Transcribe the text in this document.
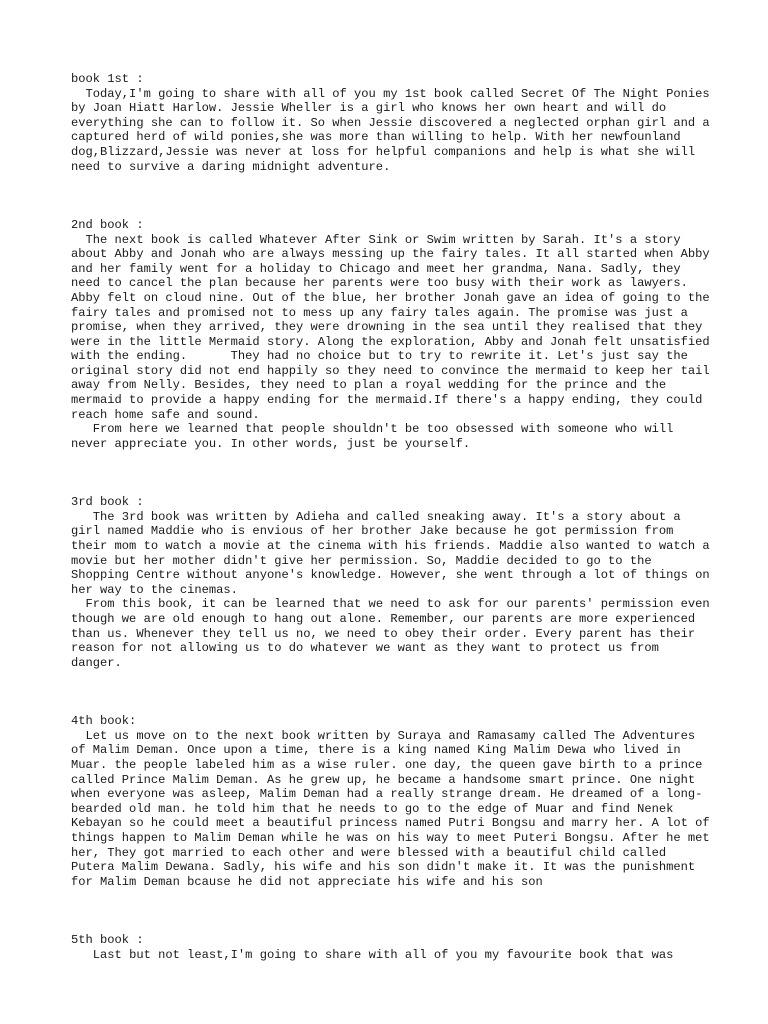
book 1st :
Today,I'm going to share with all of you my 1st book called Secret Of The Night Ponies by Joan Hiatt Harlow. Jessie Wheller is a girl who knows her own heart and will do everything she can to follow it. So when Jessie discovered a neglected orphan girl and a captured herd of wild ponies,she was more than willing to help. With her newfounland dog,Blizzard,Jessie was never at loss for helpful companions and help is what she will need to survive a daring midnight adventure.
2nd book :
The next book is called Whatever After Sink or Swim written by Sarah. It's a story about Abby and Jonah who are always messing up the fairy tales. It all started when Abby and her family went for a holiday to Chicago and meet her grandma, Nana. Sadly, they need to cancel the plan because her parents were too busy with their work as lawyers. Abby felt on cloud nine. Out of the blue, her brother Jonah gave an idea of going to the fairy tales and promised not to mess up any fairy tales again. The promise was just a promise, when they arrived, they were drowning in the sea until they realised that they were in the little Mermaid story. Along the exploration, Abby and Jonah felt unsatisfied with the ending.      They had no choice but to try to rewrite it. Let's just say the original story did not end happily so they need to convince the mermaid to keep her tail away from Nelly. Besides, they need to plan a royal wedding for the prince and the mermaid to provide a happy ending for the mermaid.If there's a happy ending, they could reach home safe and sound.
From here we learned that people shouldn't be too obsessed with someone who will never appreciate you. In other words, just be yourself.
3rd book :
The 3rd book was written by Adieha and called sneaking away. It's a story about a girl named Maddie who is envious of her brother Jake because he got permission from their mom to watch a movie at the cinema with his friends. Maddie also wanted to watch a movie but her mother didn't give her permission. So, Maddie decided to go to the Shopping Centre without anyone's knowledge. However, she went through a lot of things on her way to the cinemas.
From this book, it can be learned that we need to ask for our parents' permission even though we are old enough to hang out alone. Remember, our parents are more experienced than us. Whenever they tell us no, we need to obey their order. Every parent has their reason for not allowing us to do whatever we want as they want to protect us from danger.
4th book:
Let us move on to the next book written by Suraya and Ramasamy called The Adventures of Malim Deman. Once upon a time, there is a king named King Malim Dewa who lived in Muar. the people labeled him as a wise ruler. one day, the queen gave birth to a prince called Prince Malim Deman. As he grew up, he became a handsome smart prince. One night when everyone was asleep, Malim Deman had a really strange dream. He dreamed of a long-bearded old man. he told him that he needs to go to the edge of Muar and find Nenek Kebayan so he could meet a beautiful princess named Putri Bongsu and marry her. A lot of things happen to Malim Deman while he was on his way to meet Puteri Bongsu. After he met her, They got married to each other and were blessed with a beautiful child called Putera Malim Dewana. Sadly, his wife and his son didn't make it. It was the punishment for Malim Deman bcause he did not appreciate his wife and his son
5th book :
Last but not least,I'm going to share with all of you my favourite book that was
